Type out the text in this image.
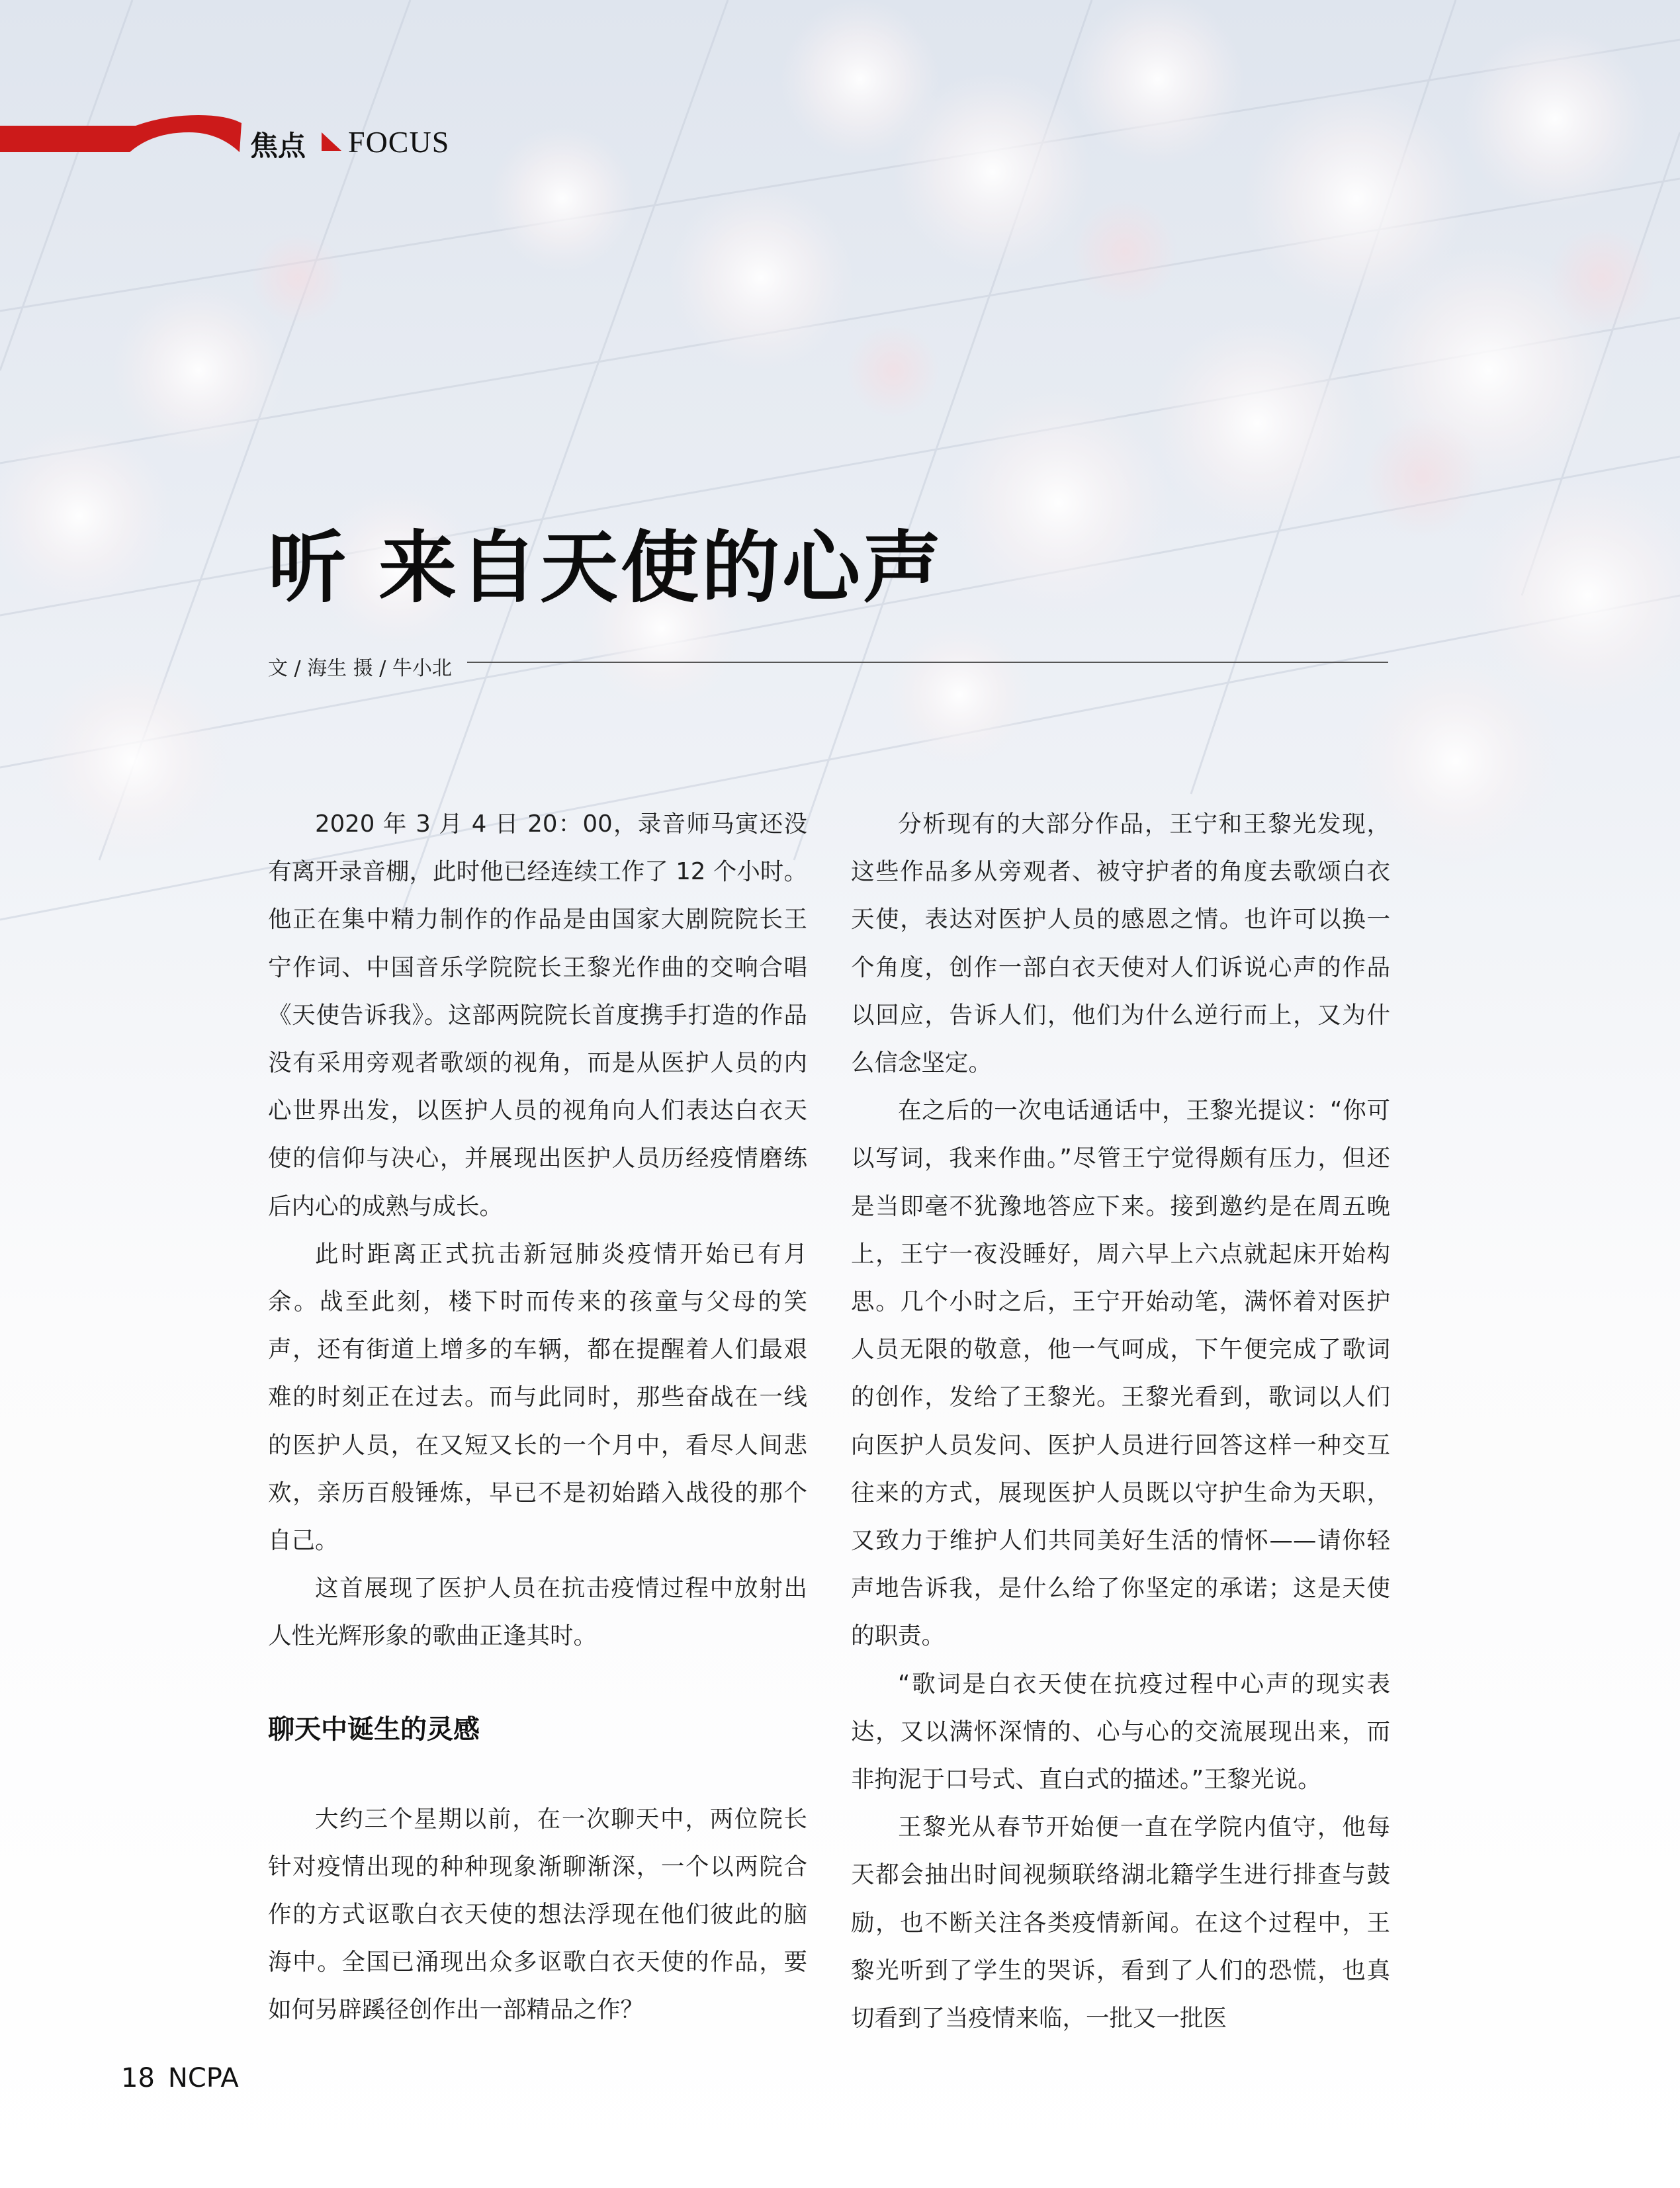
焦点 FOCUS
听 来自天使的心声
文 / 海生 摄 / 牛小北

2020 年 3 月 4 日 20：00，录音师马寅还没有离开录音棚，此时他已经连续工作了 12 个小时。他正在集中精力制作的作品是由国家大剧院院长王宁作词、中国音乐学院院长王黎光作曲的交响合唱《天使告诉我》。这部两院院长首度携手打造的作品没有采用旁观者歌颂的视角，而是从医护人员的内心世界出发，以医护人员的视角向人们表达白衣天使的信仰与决心，并展现出医护人员历经疫情磨练后内心的成熟与成长。

此时距离正式抗击新冠肺炎疫情开始已有月余。战至此刻，楼下时而传来的孩童与父母的笑声，还有街道上增多的车辆，都在提醒着人们最艰难的时刻正在过去。而与此同时，那些奋战在一线的医护人员，在又短又长的一个月中，看尽人间悲欢，亲历百般锤炼，早已不是初始踏入战役的那个自己。

这首展现了医护人员在抗击疫情过程中放射出人性光辉形象的歌曲正逢其时。

聊天中诞生的灵感

大约三个星期以前，在一次聊天中，两位院长针对疫情出现的种种现象渐聊渐深，一个以两院合作的方式讴歌白衣天使的想法浮现在他们彼此的脑海中。全国已涌现出众多讴歌白衣天使的作品，要如何另辟蹊径创作出一部精品之作？

分析现有的大部分作品，王宁和王黎光发现，这些作品多从旁观者、被守护者的角度去歌颂白衣天使，表达对医护人员的感恩之情。也许可以换一个角度，创作一部白衣天使对人们诉说心声的作品以回应，告诉人们，他们为什么逆行而上，又为什么信念坚定。

在之后的一次电话通话中，王黎光提议：“你可以写词，我来作曲。”尽管王宁觉得颇有压力，但还是当即毫不犹豫地答应下来。接到邀约是在周五晚上，王宁一夜没睡好，周六早上六点就起床开始构思。几个小时之后，王宁开始动笔，满怀着对医护人员无限的敬意，他一气呵成，下午便完成了歌词的创作，发给了王黎光。王黎光看到，歌词以人们向医护人员发问、医护人员进行回答这样一种交互往来的方式，展现医护人员既以守护生命为天职，又致力于维护人们共同美好生活的情怀——请你轻声地告诉我，是什么给了你坚定的承诺；这是天使的职责。

“歌词是白衣天使在抗疫过程中心声的现实表达，又以满怀深情的、心与心的交流展现出来，而非拘泥于口号式、直白式的描述。”王黎光说。

王黎光从春节开始便一直在学院内值守，他每天都会抽出时间视频联络湖北籍学生进行排查与鼓励，也不断关注各类疫情新闻。在这个过程中，王黎光听到了学生的哭诉，看到了人们的恐慌，也真切看到了当疫情来临，一批又一批医

18 NCPA
